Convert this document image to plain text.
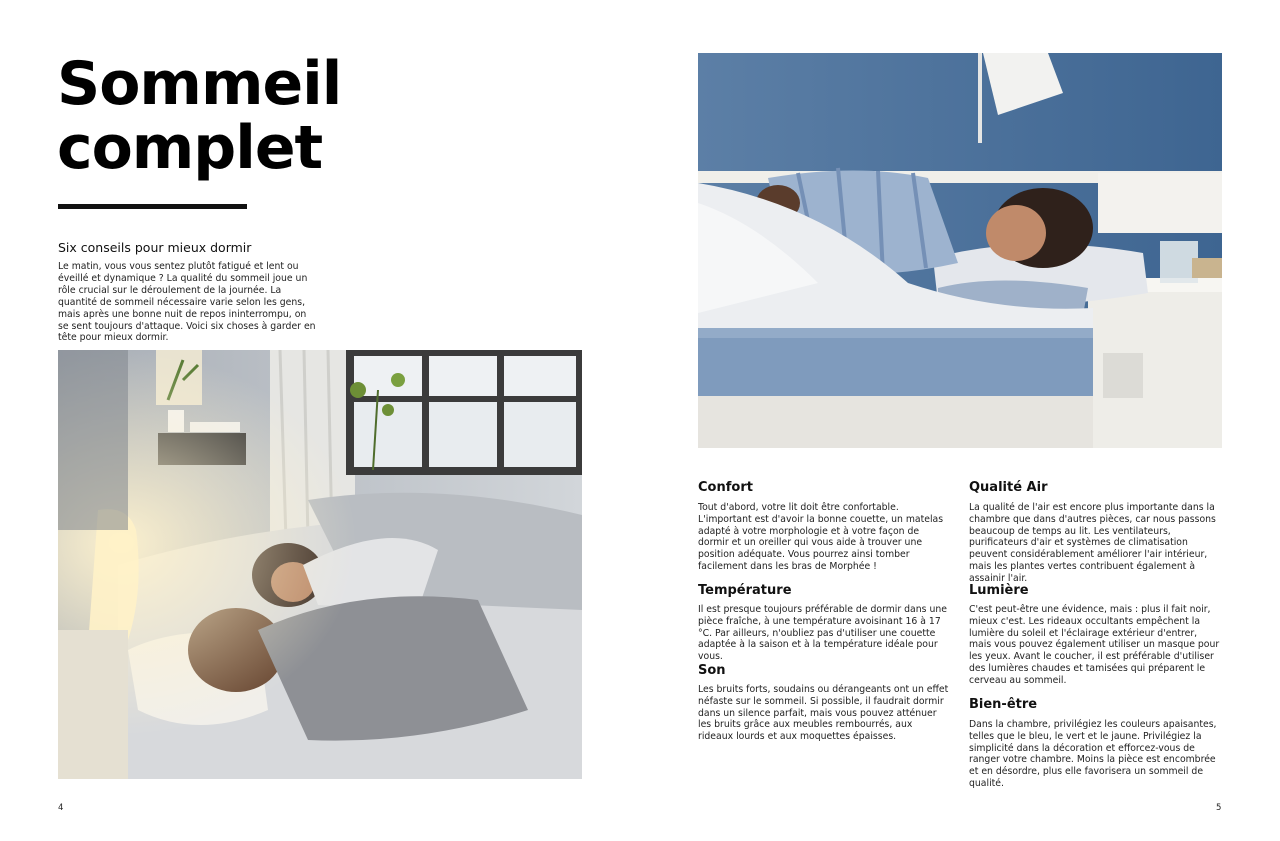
Sommeil complet
Six conseils pour mieux dormir
Le matin, vous vous sentez plutôt fatigué et lent ou éveillé et dynamique ? La qualité du sommeil joue un rôle crucial sur le déroulement de la journée. La quantité de sommeil nécessaire varie selon les gens, mais après une bonne nuit de repos ininterrompu, on se sent toujours d'attaque. Voici six choses à garder en tête pour mieux dormir.
4
Confort
Tout d'abord, votre lit doit être confortable. L'important est d'avoir la bonne couette, un matelas adapté à votre morphologie et à votre façon de dormir et un oreiller qui vous aide à trouver une position adéquate. Vous pourrez ainsi tomber facilement dans les bras de Morphée !
Température
Il est presque toujours préférable de dormir dans une pièce fraîche, à une température avoisinant 16 à 17 °C. Par ailleurs, n'oubliez pas d'utiliser une couette adaptée à la saison et à la température idéale pour vous.
Son
Les bruits forts, soudains ou dérangeants ont un effet néfaste sur le sommeil. Si possible, il faudrait dormir dans un silence parfait, mais vous pouvez atténuer les bruits grâce aux meubles rembourrés, aux rideaux lourds et aux moquettes épaisses.
Qualité Air
La qualité de l'air est encore plus importante dans la chambre que dans d'autres pièces, car nous passons beaucoup de temps au lit. Les ventilateurs, purificateurs d'air et systèmes de climatisation peuvent considérablement améliorer l'air intérieur, mais les plantes vertes contribuent également à assainir l'air.
Lumière
C'est peut-être une évidence, mais : plus il fait noir, mieux c'est. Les rideaux occultants empêchent la lumière du soleil et l'éclairage extérieur d'entrer, mais vous pouvez également utiliser un masque pour les yeux. Avant le coucher, il est préférable d'utiliser des lumières chaudes et tamisées qui préparent le cerveau au sommeil.
Bien-être
Dans la chambre, privilégiez les couleurs apaisantes, telles que le bleu, le vert et le jaune. Privilégiez la simplicité dans la décoration et efforcez-vous de ranger votre chambre. Moins la pièce est encombrée et en désordre, plus elle favorisera un sommeil de qualité.
5
